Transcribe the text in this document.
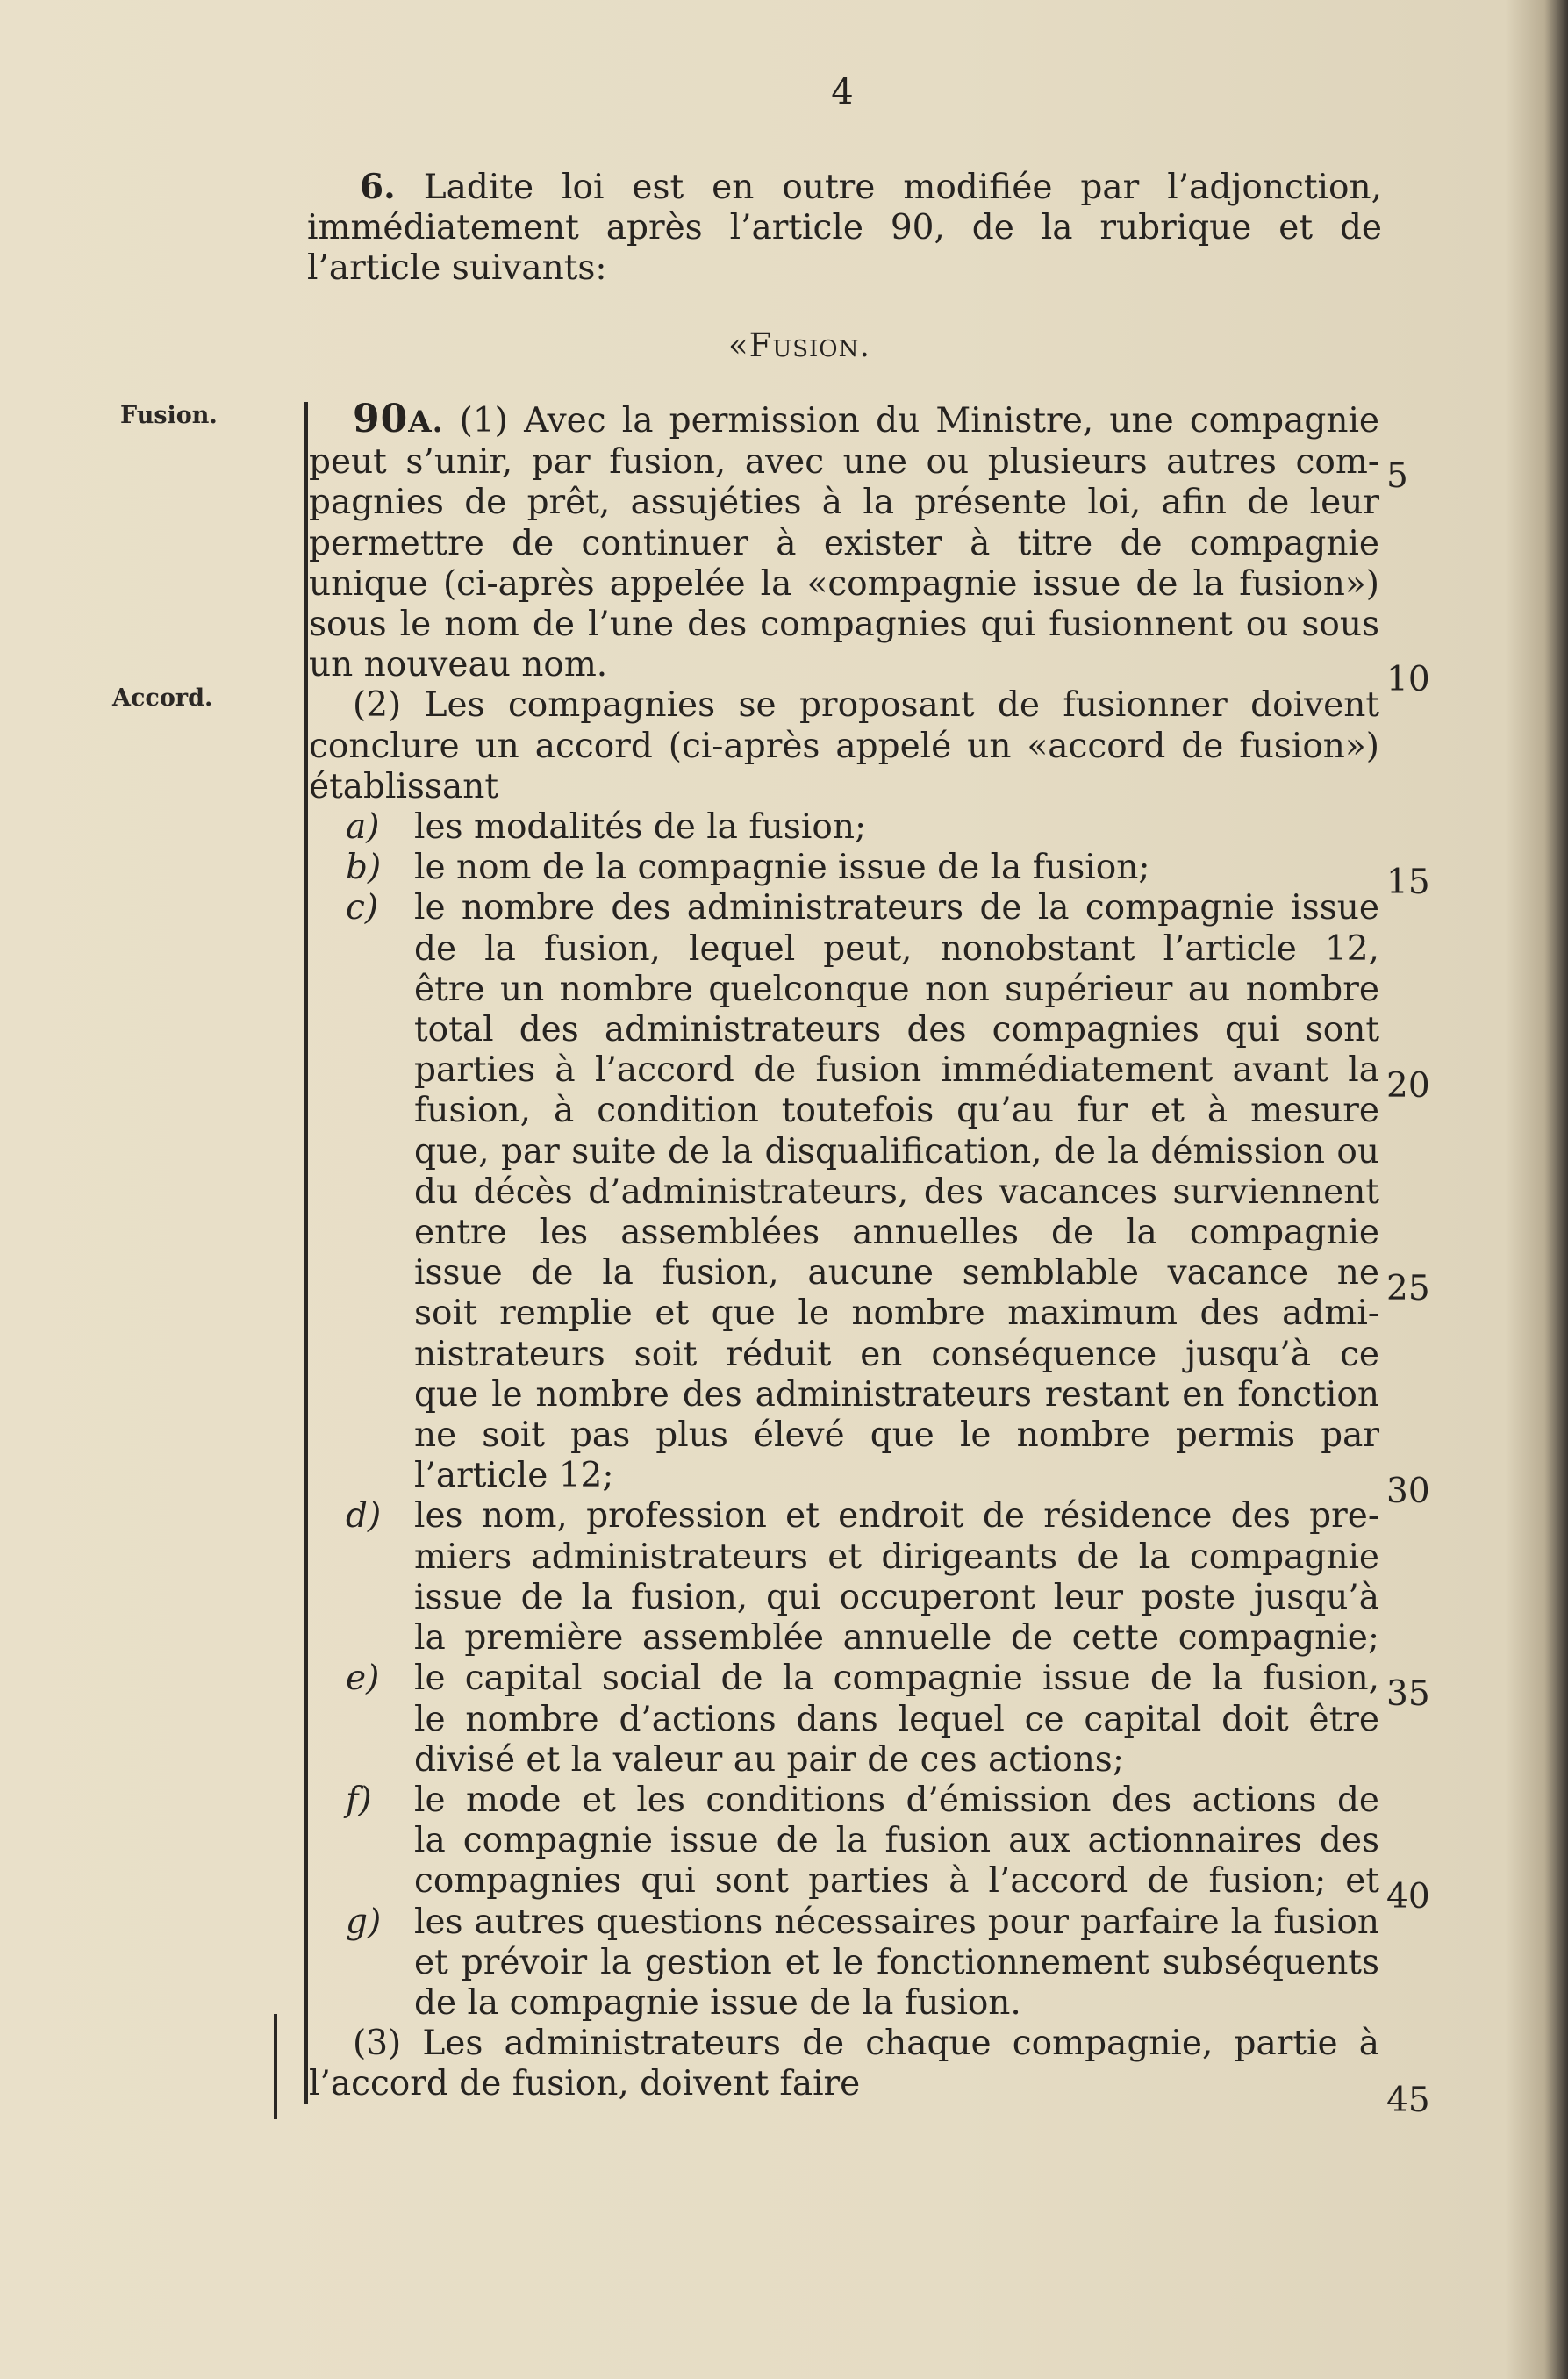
4
6. Ladite loi est en outre modifiée par l’adjonction,
immédiatement après l’article 90, de la rubrique et de
l’article suivants:
«Fusion.
Fusion.
Accord.
90A. (1) Avec la permission du Ministre, une compagnie
peut s’unir, par fusion, avec une ou plusieurs autres com-
pagnies de prêt, assujéties à la présente loi, afin de leur
permettre de continuer à exister à titre de compagnie
unique (ci-après appelée la «compagnie issue de la fusion»)
sous le nom de l’une des compagnies qui fusionnent ou sous
un nouveau nom.
(2) Les compagnies se proposant de fusionner doivent
conclure un accord (ci-après appelé un «accord de fusion»)
établissant
a) les modalités de la fusion;
b) le nom de la compagnie issue de la fusion;
c) le nombre des administrateurs de la compagnie issue
de la fusion, lequel peut, nonobstant l’article 12,
être un nombre quelconque non supérieur au nombre
total des administrateurs des compagnies qui sont
parties à l’accord de fusion immédiatement avant la
fusion, à condition toutefois qu’au fur et à mesure
que, par suite de la disqualification, de la démission ou
du décès d’administrateurs, des vacances surviennent
entre les assemblées annuelles de la compagnie
issue de la fusion, aucune semblable vacance ne
soit remplie et que le nombre maximum des admi-
nistrateurs soit réduit en conséquence jusqu’à ce
que le nombre des administrateurs restant en fonction
ne soit pas plus élevé que le nombre permis par
l’article 12;
d) les nom, profession et endroit de résidence des pre-
miers administrateurs et dirigeants de la compagnie
issue de la fusion, qui occuperont leur poste jusqu’à
la première assemblée annuelle de cette compagnie;
e) le capital social de la compagnie issue de la fusion,
le nombre d’actions dans lequel ce capital doit être
divisé et la valeur au pair de ces actions;
f) le mode et les conditions d’émission des actions de
la compagnie issue de la fusion aux actionnaires des
compagnies qui sont parties à l’accord de fusion; et
g) les autres questions nécessaires pour parfaire la fusion
et prévoir la gestion et le fonctionnement subséquents
de la compagnie issue de la fusion.
(3) Les administrateurs de chaque compagnie, partie à
l’accord de fusion, doivent faire
5
10
15
20
25
30
35
40
45
